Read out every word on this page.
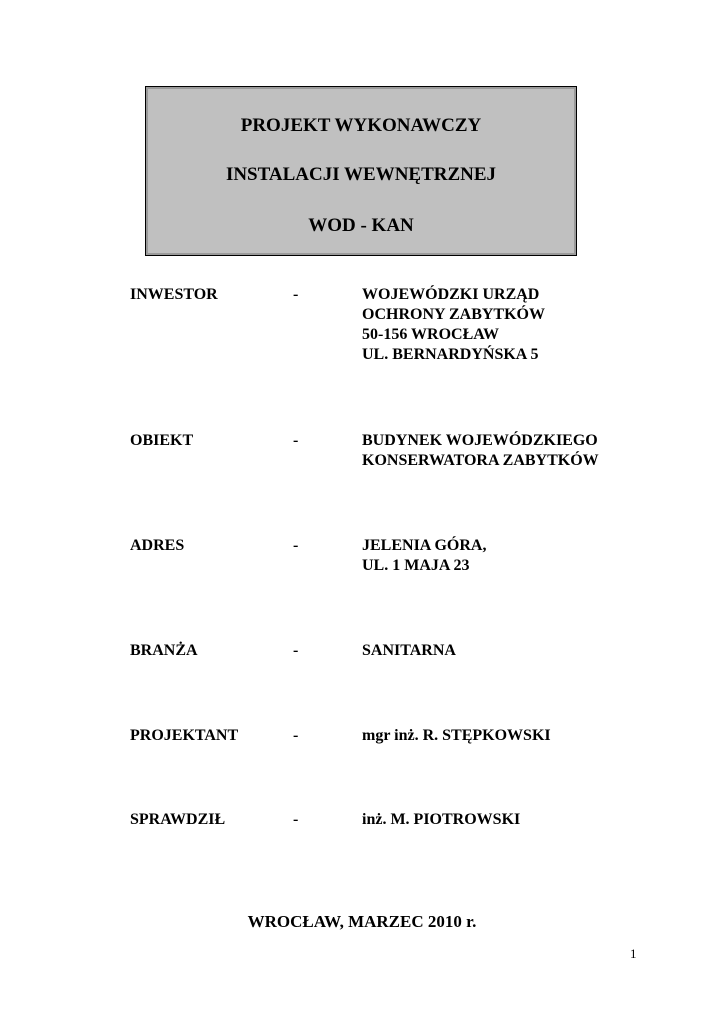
PROJEKT WYKONAWCZY
INSTALACJI WEWNĘTRZNEJ
WOD - KAN
INWESTOR	-	WOJEWÓDZKI URZĄD
OCHRONY ZABYTKÓW
50-156 WROCŁAW
UL. BERNARDYŃSKA 5
OBIEKT	-	BUDYNEK WOJEWÓDZKIEGO
KONSERWATORA ZABYTKÓW
ADRES	-	JELENIA GÓRA,
UL. 1 MAJA 23
BRANŻA	-	SANITARNA
PROJEKTANT	-	mgr inż. R. STĘPKOWSKI
SPRAWDZIŁ	-	inż. M. PIOTROWSKI
WROCŁAW, MARZEC 2010 r.
1
